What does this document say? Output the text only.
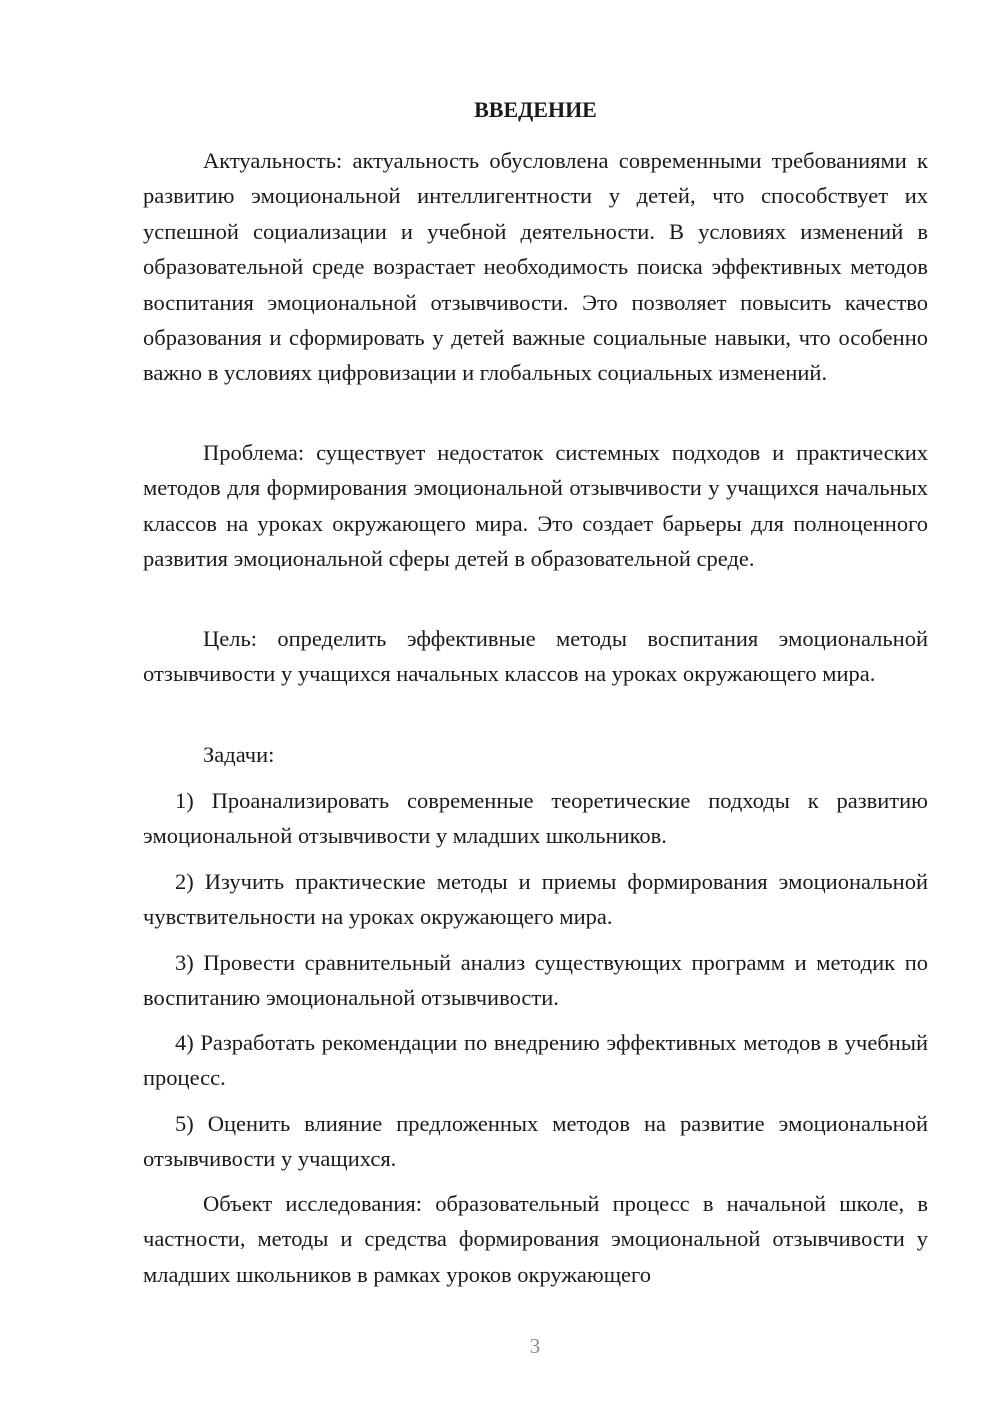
ВВЕДЕНИЕ
Актуальность: актуальность обусловлена современными требованиями к развитию эмоциональной интеллигентности у детей, что способствует их успешной социализации и учебной деятельности. В условиях изменений в образовательной среде возрастает необходимость поиска эффективных методов воспитания эмоциональной отзывчивости. Это позволяет повысить качество образования и сформировать у детей важные социальные навыки, что особенно важно в условиях цифровизации и глобальных социальных изменений.
Проблема: существует недостаток системных подходов и практических методов для формирования эмоциональной отзывчивости у учащихся начальных классов на уроках окружающего мира. Это создает барьеры для полноценного развития эмоциональной сферы детей в образовательной среде.
Цель: определить эффективные методы воспитания эмоциональной отзывчивости у учащихся начальных классов на уроках окружающего мира.
Задачи:
1) Проанализировать современные теоретические подходы к развитию эмоциональной отзывчивости у младших школьников.
2) Изучить практические методы и приемы формирования эмоциональной чувствительности на уроках окружающего мира.
3) Провести сравнительный анализ существующих программ и методик по воспитанию эмоциональной отзывчивости.
4) Разработать рекомендации по внедрению эффективных методов в учебный процесс.
5) Оценить влияние предложенных методов на развитие эмоциональной отзывчивости у учащихся.
Объект исследования: образовательный процесс в начальной школе, в частности, методы и средства формирования эмоциональной отзывчивости у младших школьников в рамках уроков окружающего
3
